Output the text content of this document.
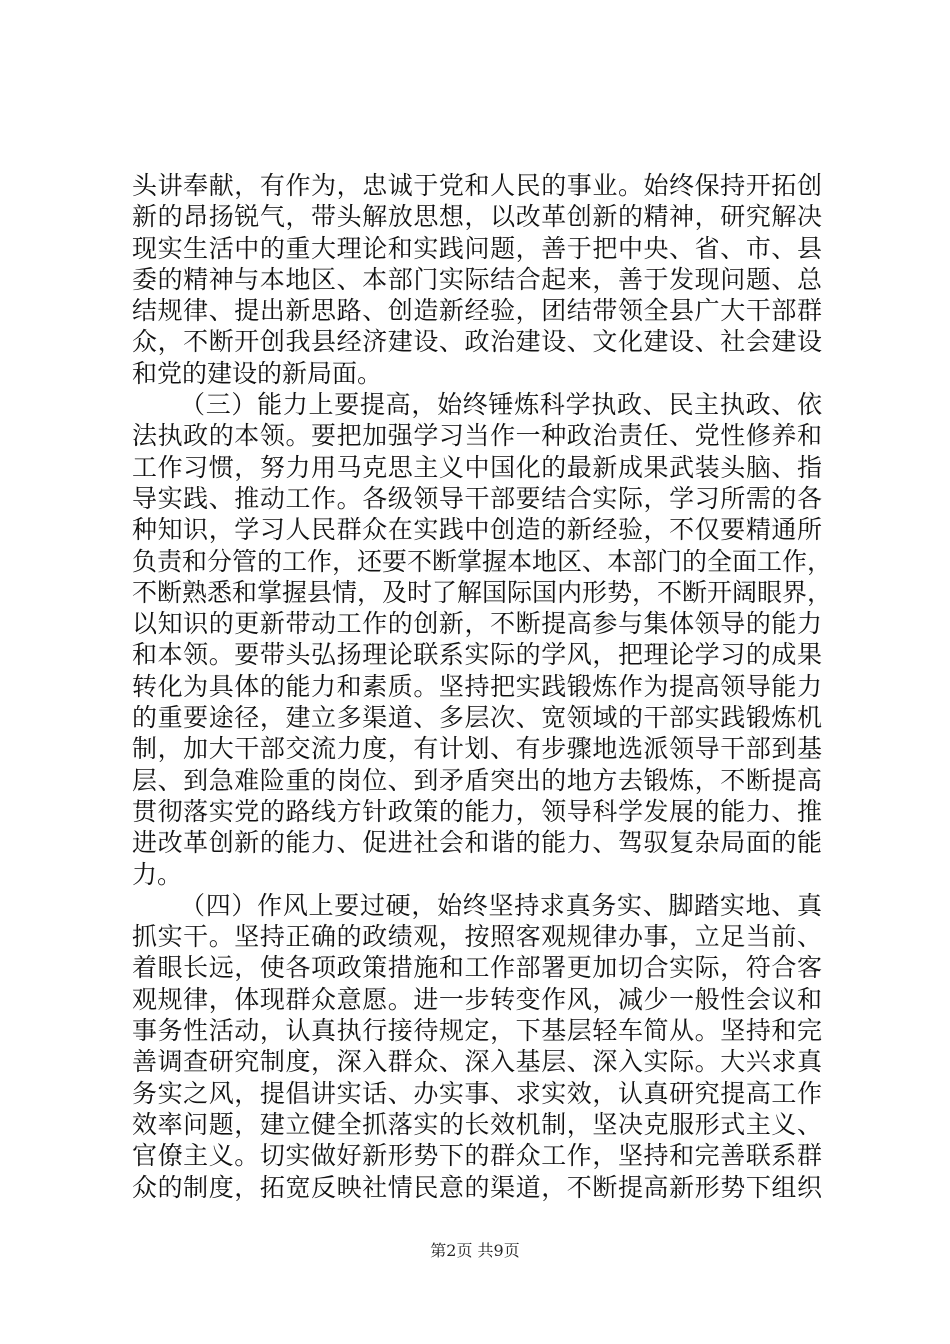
头讲奉献，有作为，忠诚于党和人民的事业。始终保持开拓创
新的昂扬锐气，带头解放思想，以改革创新的精神，研究解决
现实生活中的重大理论和实践问题，善于把中央、省、市、县
委的精神与本地区、本部门实际结合起来，善于发现问题、总
结规律、提出新思路、创造新经验，团结带领全县广大干部群
众，不断开创我县经济建设、政治建设、文化建设、社会建设
和党的建设的新局面。
（三）能力上要提高，始终锤炼科学执政、民主执政、依
法执政的本领。要把加强学习当作一种政治责任、党性修养和
工作习惯，努力用马克思主义中国化的最新成果武装头脑、指
导实践、推动工作。各级领导干部要结合实际，学习所需的各
种知识，学习人民群众在实践中创造的新经验，不仅要精通所
负责和分管的工作，还要不断掌握本地区、本部门的全面工作，
不断熟悉和掌握县情，及时了解国际国内形势，不断开阔眼界，
以知识的更新带动工作的创新，不断提高参与集体领导的能力
和本领。要带头弘扬理论联系实际的学风，把理论学习的成果
转化为具体的能力和素质。坚持把实践锻炼作为提高领导能力
的重要途径，建立多渠道、多层次、宽领域的干部实践锻炼机
制，加大干部交流力度，有计划、有步骤地选派领导干部到基
层、到急难险重的岗位、到矛盾突出的地方去锻炼，不断提高
贯彻落实党的路线方针政策的能力，领导科学发展的能力、推
进改革创新的能力、促进社会和谐的能力、驾驭复杂局面的能
力。
（四）作风上要过硬，始终坚持求真务实、脚踏实地、真
抓实干。坚持正确的政绩观，按照客观规律办事，立足当前、
着眼长远，使各项政策措施和工作部署更加切合实际，符合客
观规律，体现群众意愿。进一步转变作风，减少一般性会议和
事务性活动，认真执行接待规定，下基层轻车简从。坚持和完
善调查研究制度，深入群众、深入基层、深入实际。大兴求真
务实之风，提倡讲实话、办实事、求实效，认真研究提高工作
效率问题，建立健全抓落实的长效机制，坚决克服形式主义、
官僚主义。切实做好新形势下的群众工作，坚持和完善联系群
众的制度，拓宽反映社情民意的渠道，不断提高新形势下组织
第2页 共9页
